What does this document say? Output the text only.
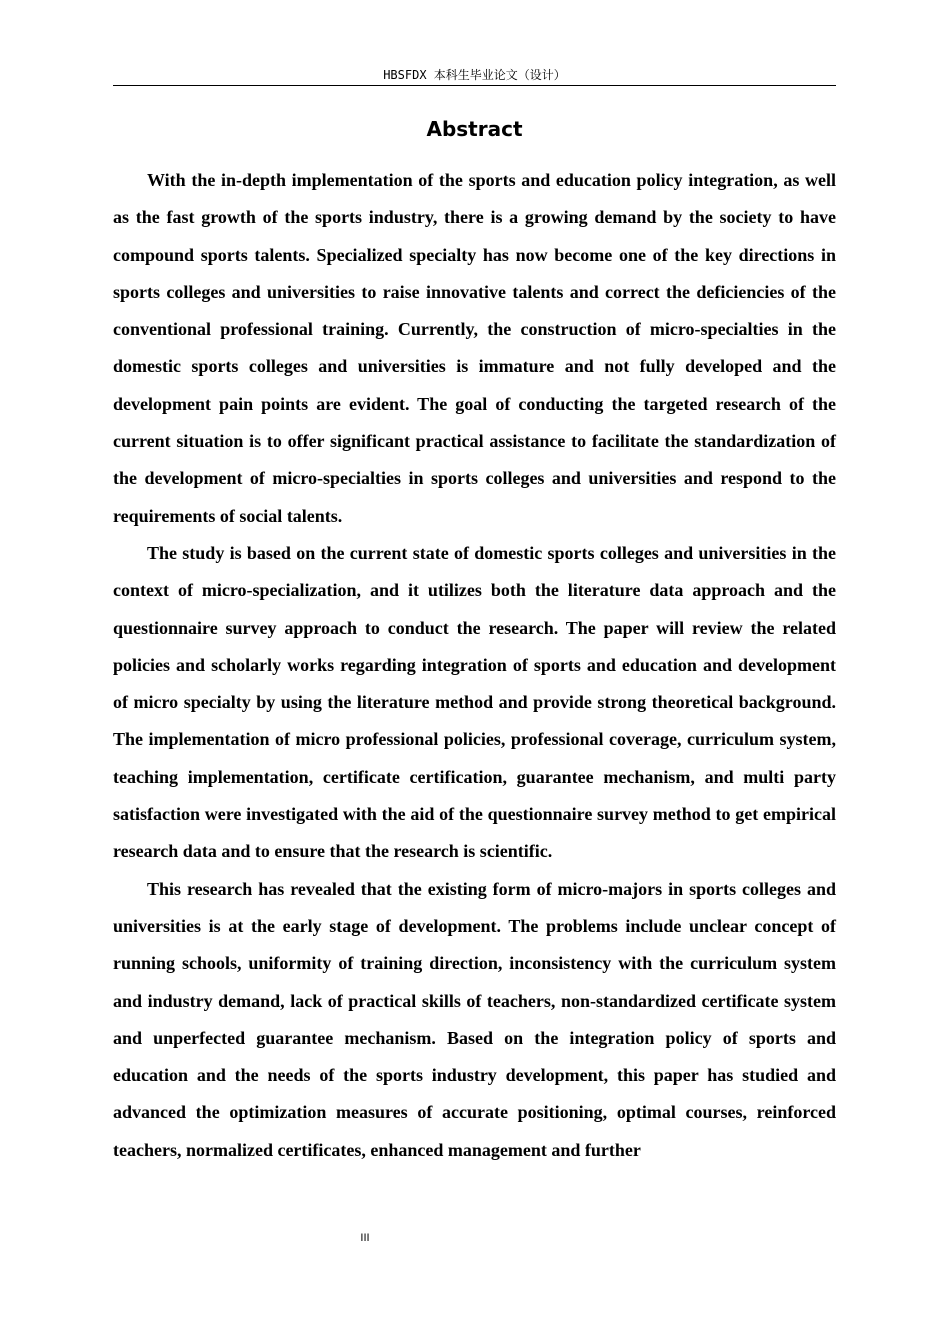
HBSFDX 本科生毕业论文（设计）
Abstract

With the in-depth implementation of the sports and education policy integration, as well as the fast growth of the sports industry, there is a growing demand by the society to have compound sports talents. Specialized specialty has now become one of the key directions in sports colleges and universities to raise innovative talents and correct the deficiencies of the conventional professional training. Currently, the construction of micro-specialties in the domestic sports colleges and universities is immature and not fully developed and the development pain points are evident. The goal of conducting the targeted research of the current situation is to offer significant practical assistance to facilitate the standardization of the development of micro-specialties in sports colleges and universities and respond to the requirements of social talents.

The study is based on the current state of domestic sports colleges and universities in the context of micro-specialization, and it utilizes both the literature data approach and the questionnaire survey approach to conduct the research. The paper will review the related policies and scholarly works regarding integration of sports and education and development of micro specialty by using the literature method and provide strong theoretical background. The implementation of micro professional policies, professional coverage, curriculum system, teaching implementation, certificate certification, guarantee mechanism, and multi party satisfaction were investigated with the aid of the questionnaire survey method to get empirical research data and to ensure that the research is scientific.

This research has revealed that the existing form of micro-majors in sports colleges and universities is at the early stage of development. The problems include unclear concept of running schools, uniformity of training direction, inconsistency with the curriculum system and industry demand, lack of practical skills of teachers, non-standardized certificate system and unperfected guarantee mechanism. Based on the integration policy of sports and education and the needs of the sports industry development, this paper has studied and advanced the optimization measures of accurate positioning, optimal courses, reinforced teachers, normalized certificates, enhanced management and further

III
